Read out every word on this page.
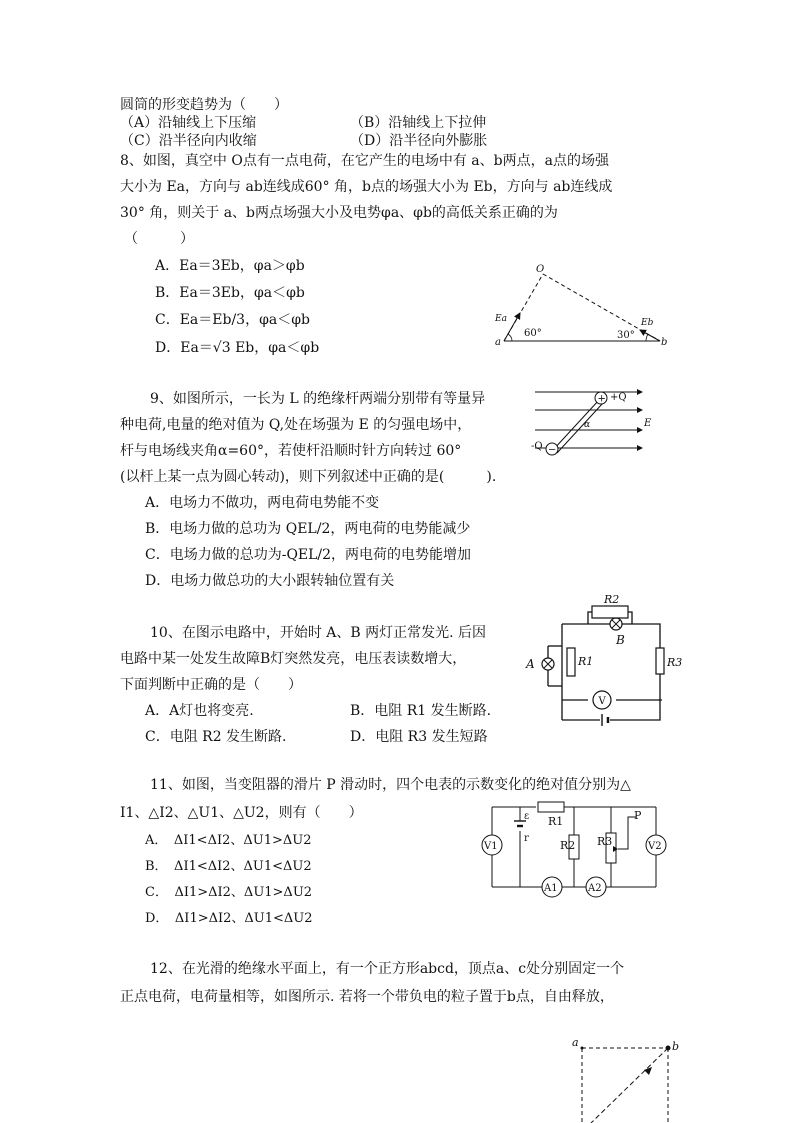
圆筒的形变趋势为（　　）
（A）沿轴线上下压缩	（B）沿轴线上下拉伸
（C）沿半径向内收缩	（D）沿半径向外膨胀
8、如图，真空中 O点有一点电荷，在它产生的电场中有 a、b两点，a点的场强
大小为 Ea，方向与 ab连线成60° 角，b点的场强大小为 Eb，方向与 ab连线成
30° 角，则关于 a、b两点场强大小及电势φa、φb的高低关系正确的为
（　　　）
A．Ea＝3Eb，φa＞φb
B．Ea＝3Eb，φa＜φb
C．Ea＝Eb/3，φa＜φb
D．Ea＝√3 Eb，φa＜φb
O
Ea	Eb
a	b
60°	30°
9、如图所示，一长为 L 的绝缘杆两端分别带有等量异
种电荷,电量的绝对值为 Q,处在场强为 E 的匀强电场中，
杆与电场线夹角α=60°，若使杆沿顺时针方向转过 60°
(以杆上某一点为圆心转动)，则下列叙述中正确的是(　　　).
A．电场力不做功，两电荷电势能不变
B．电场力做的总功为 QEL/2，两电荷的电势能减少
C．电场力做的总功为-QEL/2，两电荷的电势能增加
D．电场力做总功的大小跟转轴位置有关
+
−
+Q
-Q
E
α
10、在图示电路中，开始时 A、B 两灯正常发光. 后因
电路中某一处发生故障B灯突然发亮，电压表读数增大，
下面判断中正确的是（　　）
A．A灯也将变亮.	B．电阻 R1 发生断路.
C．电阻 R2 发生断路.	D．电阻 R3 发生短路
V
R2
R1	R3
A
B
11、如图，当变阻器的滑片 P 滑动时，四个电表的示数变化的绝对值分别为△
I1、△I2、△U1、△U2，则有（　　）
A．　ΔI1<ΔI2、ΔU1>ΔU2
B．　ΔI1<ΔI2、ΔU1<ΔU2
C．　ΔI1>ΔI2、ΔU1>ΔU2
D．　ΔI1>ΔI2、ΔU1<ΔU2
V1	V2
A1	A2
ε
r
R1
R2 R3
P
12、在光滑的绝缘水平面上，有一个正方形abcd，顶点a、c处分别固定一个
正点电荷，电荷量相等，如图所示. 若将一个带负电的粒子置于b点，自由释放，
a	b
